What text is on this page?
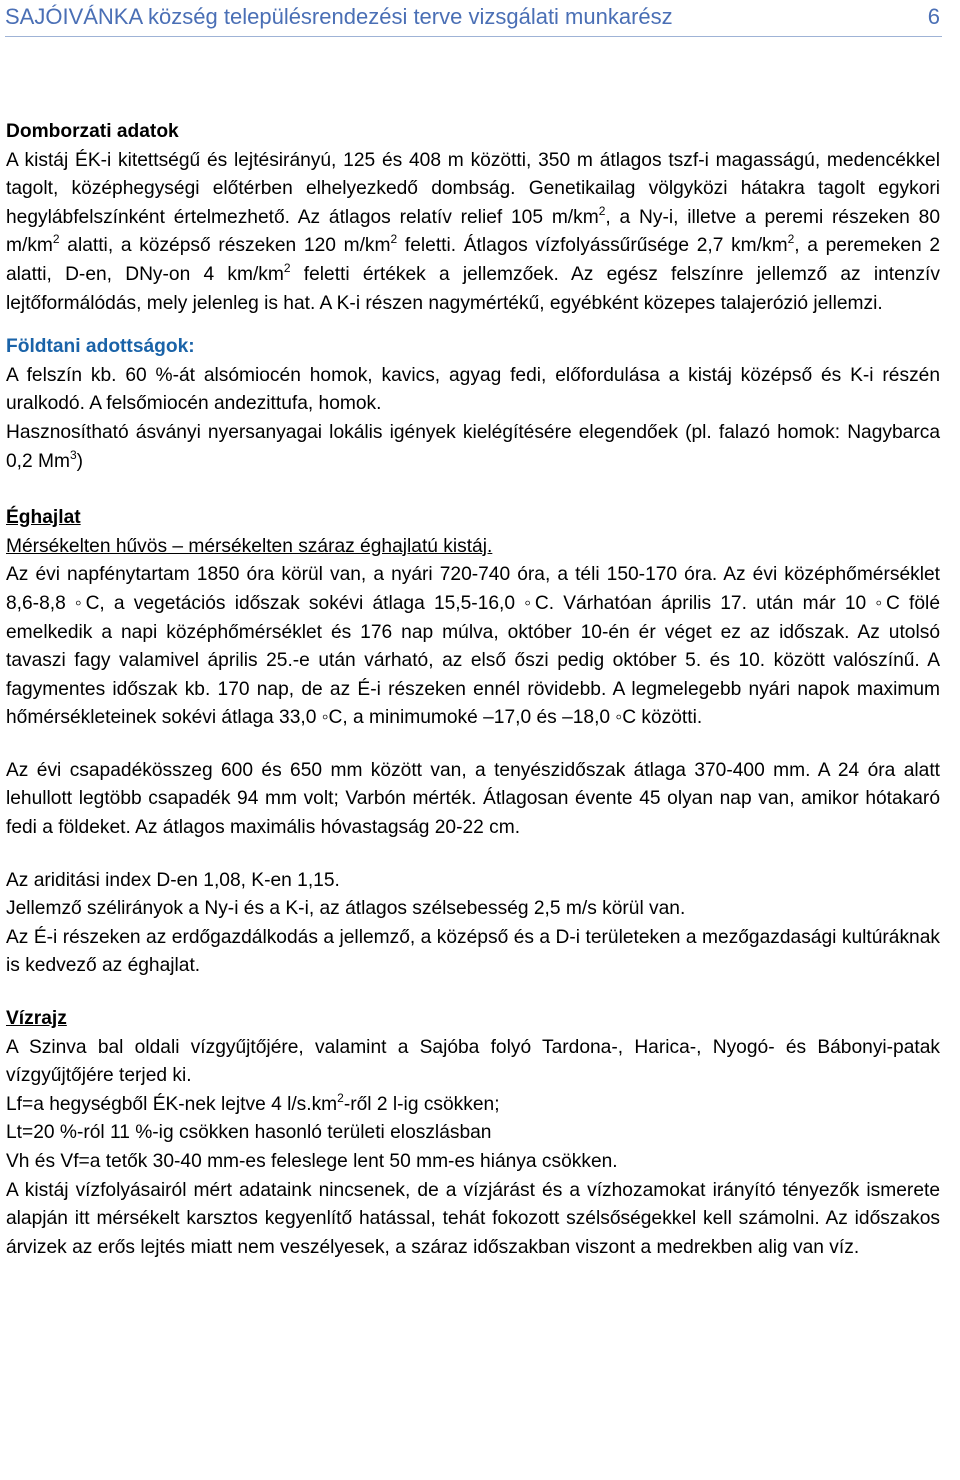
SAJÓIVÁNKA község településrendezési terve vizsgálati munkarész	6
Domborzati adatok

A kistáj ÉK-i kitettségű és lejtésirányú, 125 és 408 m közötti, 350 m átlagos tszf-i magasságú, medencékkel tagolt, középhegységi előtérben elhelyezkedő dombság. Genetikailag völgyközi hátakra tagolt egykori hegylábfelszínként értelmezhető. Az átlagos relatív relief 105 $m/km^2$, a Ny-i, illetve a peremi részeken 80 $m/km^2$ alatti, a középső részeken 120 $m/km^2$ feletti. Átlagos vízfolyássűrűsége 2,7 $km/km^2$, a peremeken 2 alatti, D-en, DNy-on 4 $km/km^2$ feletti értékek a jellemzőek. Az egész felszínre jellemző az intenzív lejtőformálódás, mely jelenleg is hat. A K-i részen nagymértékű, egyébként közepes talajerózió jellemzi.

Földtani adottságok:

A felszín kb. 60 %-át alsómiocén homok, kavics, agyag fedi, előfordulása a kistáj középső és K-i részén uralkodó. A felsőmiocén andezittufa, homok.

Hasznosítható ásványi nyersanyagai lokális igények kielégítésére elegendőek (pl. falazó homok: Nagybarca 0,2 Mm$^3$)

Éghajlat
Mérsékelten hűvös – mérsékelten száraz éghajlatú kistáj.

Az évi napfénytartam 1850 óra körül van, a nyári 720-740 óra, a téli 150-170 óra. Az évi középhőmérséklet 8,6-8,8 ◦C, a vegetációs időszak sokévi átlaga 15,5-16,0 ◦C. Várhatóan április 17. után már 10 ◦C fölé emelkedik a napi középhőmérséklet és 176 nap múlva, október 10-én ér véget ez az időszak. Az utolsó tavaszi fagy valamivel április 25.-e után várható, az első őszi pedig október 5. és 10. között valószínű. A fagymentes időszak kb. 170 nap, de az É-i részeken ennél rövidebb. A legmelegebb nyári napok maximum hőmérsékleteinek sokévi átlaga 33,0 ◦C, a minimumoké –17,0 és –18,0 ◦C közötti.

Az évi csapadékösszeg 600 és 650 mm között van, a tenyészidőszak átlaga 370-400 mm. A 24 óra alatt lehullott legtöbb csapadék 94 mm volt; Varbón mérték. Átlagosan évente 45 olyan nap van, amikor hótakaró fedi a földeket. Az átlagos maximális hóvastagság 20-22 cm.

Az ariditási index D-en 1,08, K-en 1,15.

Jellemző szélirányok a Ny-i és a K-i, az átlagos szélsebesség 2,5 m/s körül van.

Az É-i részeken az erdőgazdálkodás a jellemző, a középső és a D-i területeken a mezőgazdasági kultúráknak is kedvező az éghajlat.

Vízrajz

A Szinva bal oldali vízgyűjtőjére, valamint a Sajóba folyó Tardona-, Harica-, Nyogó- és Bábonyi-patak vízgyűjtőjére terjed ki.

Lf=a hegységből ÉK-nek lejtve 4 $l/s.km^2$-ről 2 l-ig csökken;

Lt=20 %-ról 11 %-ig csökken hasonló területi eloszlásban

Vh és Vf=a tetők 30-40 mm-es feleslege lent 50 mm-es hiánya csökken.

A kistáj vízfolyásairól mért adataink nincsenek, de a vízjárást és a vízhozamokat irányító tényezők ismerete alapján itt mérsékelt karsztos kegyenlítő hatással, tehát fokozott szélsőségekkel kell számolni. Az időszakos árvizek az erős lejtés miatt nem veszélyesek, a száraz időszakban viszont a medrekben alig van víz.
